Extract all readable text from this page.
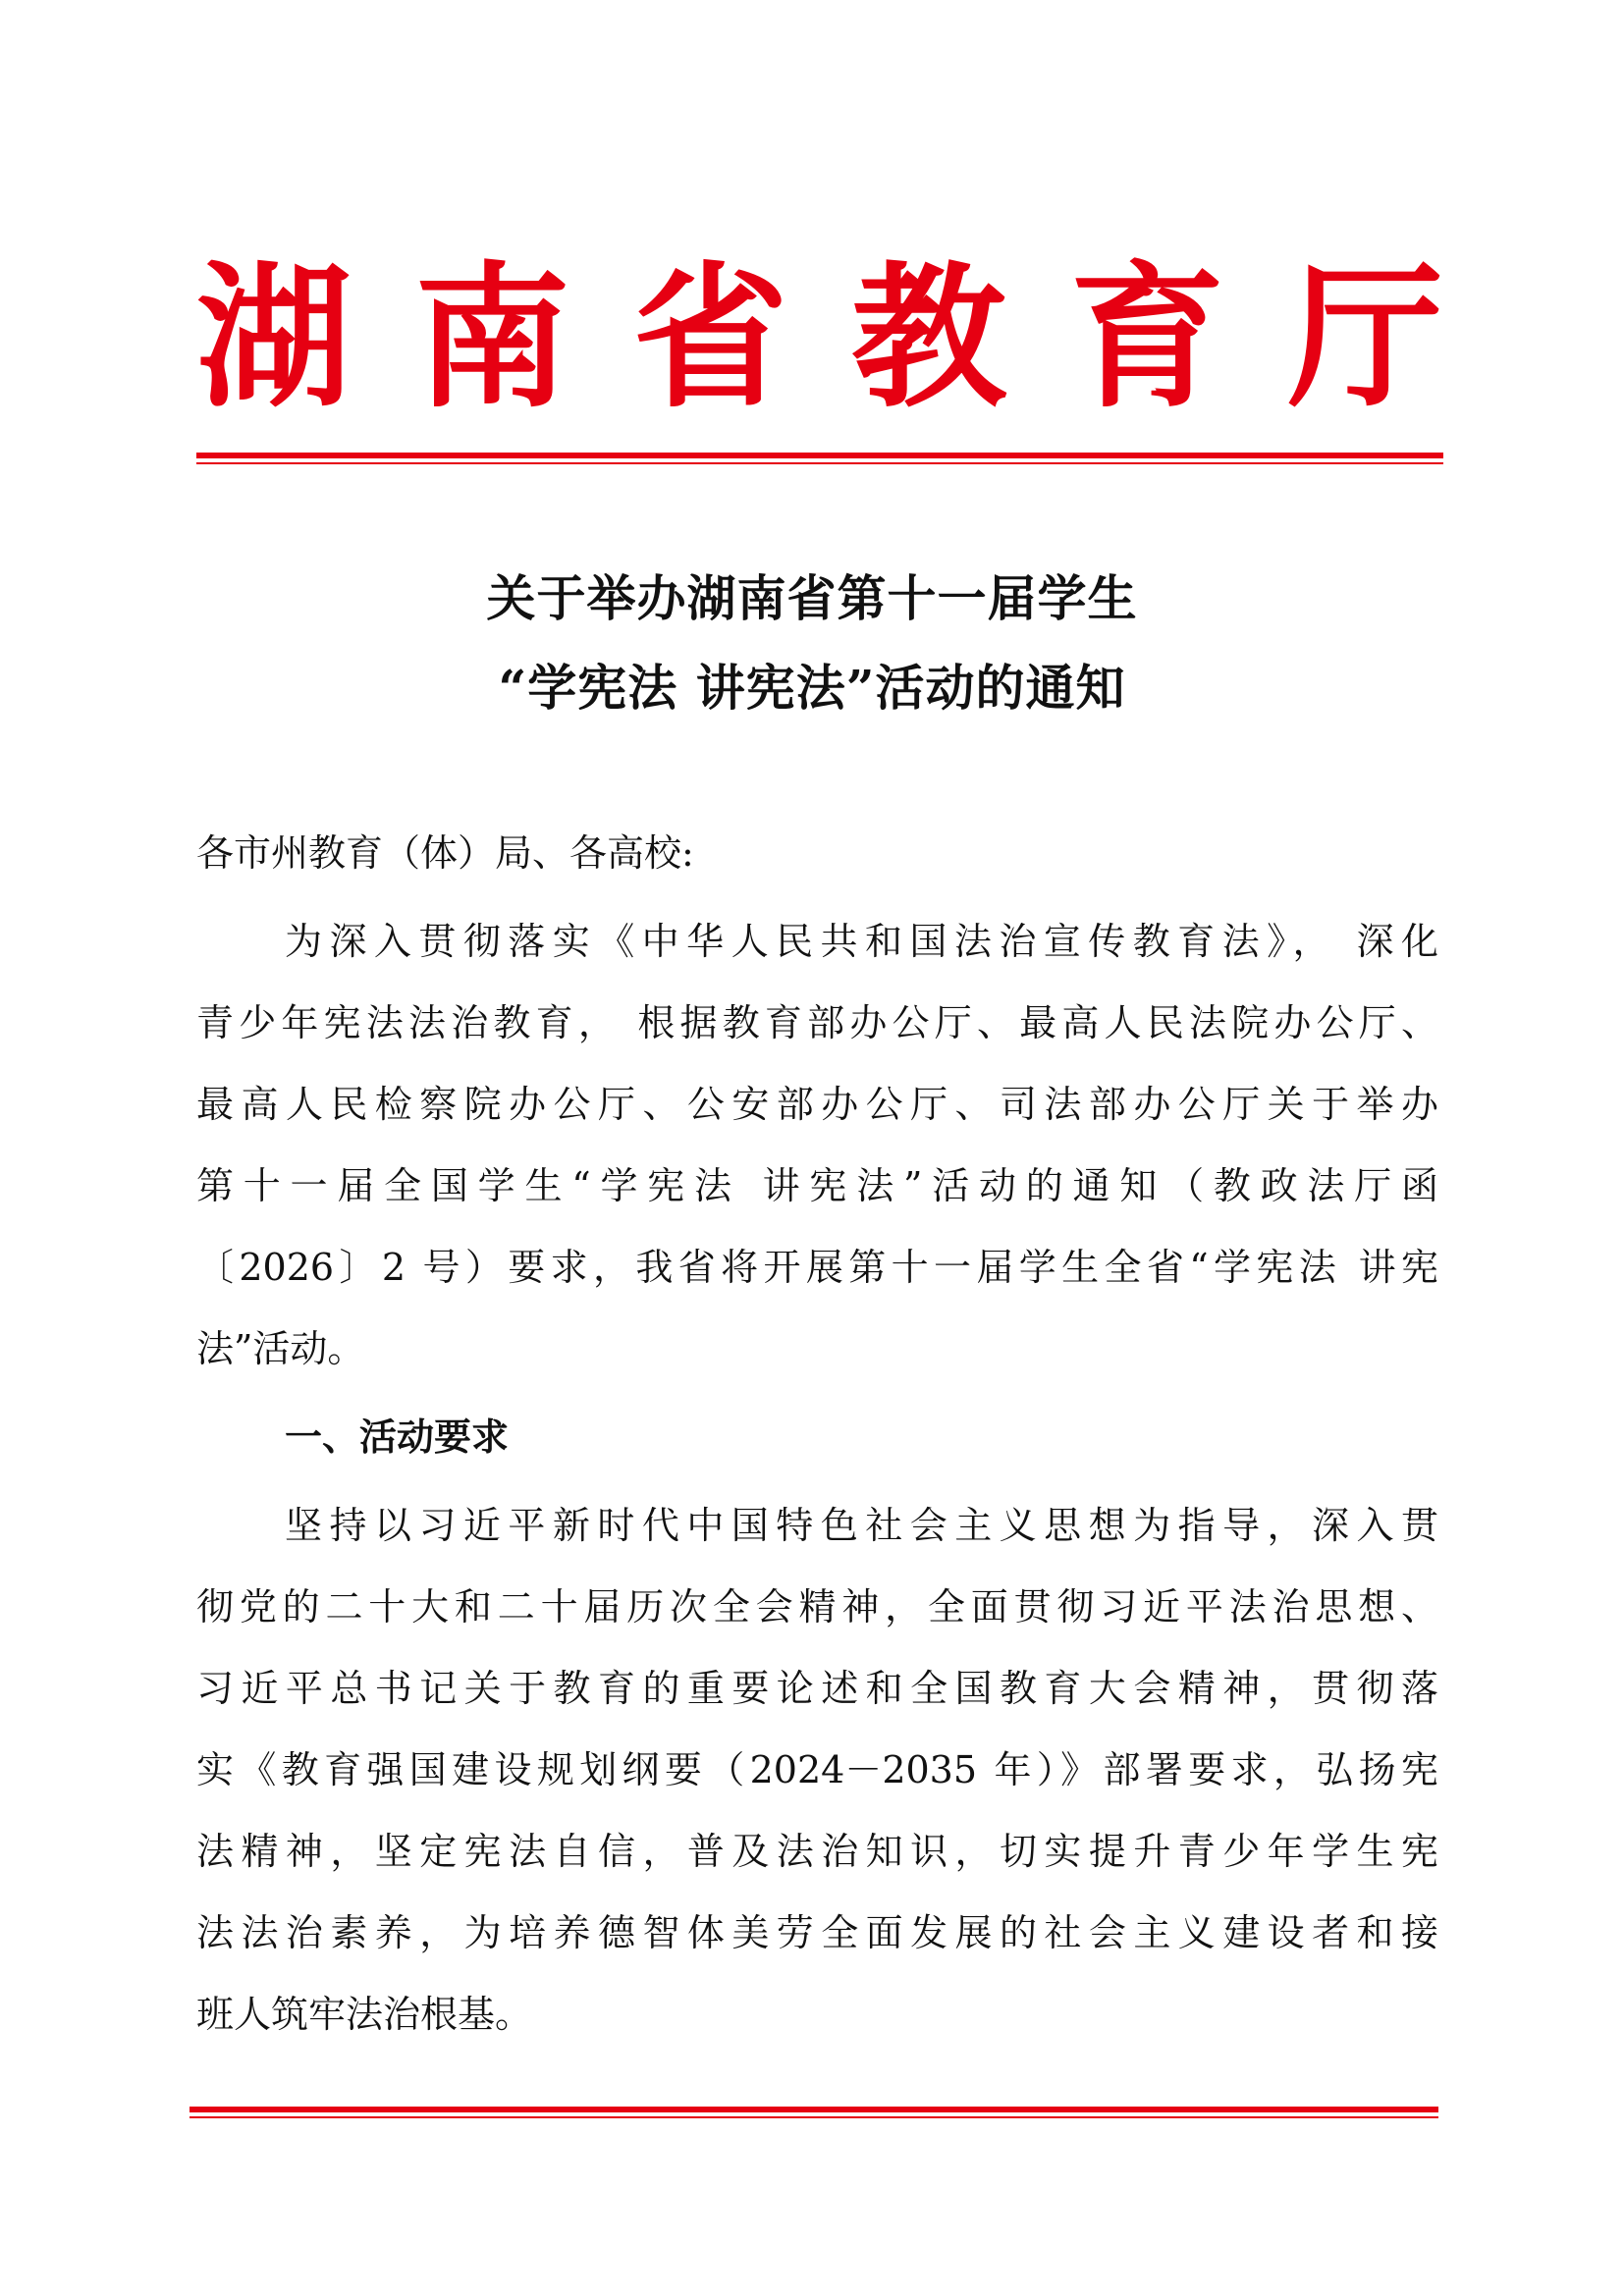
湖 南 省 教 育 厅
关于举办湖南省第十一届学生
“学宪法 讲宪法”活动的通知
各市州教育（体）局、各高校:
为深入贯彻落实《中华人民共和国法治宣传教育法》， 深化
青少年宪法法治教育， 根据教育部办公厅、最高人民法院办公厅、
最高人民检察院办公厅、公安部办公厅、司法部办公厅关于举办
第十一届全国学生“学宪法 讲宪法”活动的通知（教政法厅函
〔2026〕2 号）要求，我省将开展第十一届学生全省“学宪法 讲宪
法”活动。
一、活动要求
坚持以习近平新时代中国特色社会主义思想为指导，深入贯
彻党的二十大和二十届历次全会精神，全面贯彻习近平法治思想、
习近平总书记关于教育的重要论述和全国教育大会精神，贯彻落
实《教育强国建设规划纲要（2024－2035 年）》部署要求，弘扬宪
法精神，坚定宪法自信，普及法治知识，切实提升青少年学生宪
法法治素养，为培养德智体美劳全面发展的社会主义建设者和接
班人筑牢法治根基。
